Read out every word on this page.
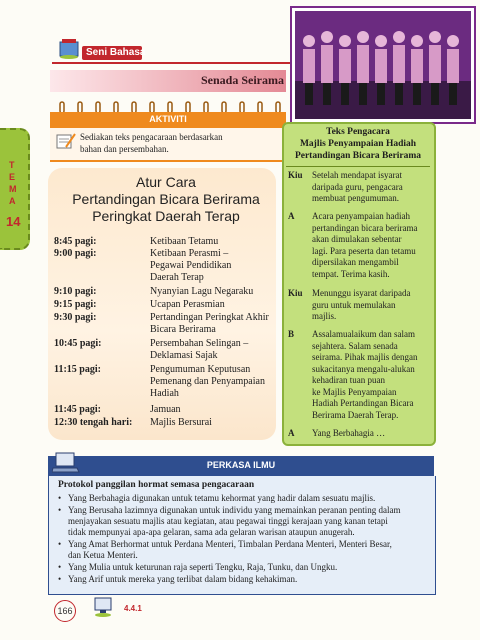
Seni Bahasa
Senada Seirama
T
E
M
A
14
AKTIVITI
Sediakan teks pengacaraan berdasarkan
bahan dan persembahan.
Atur Cara
Pertandingan Bicara Berirama
Peringkat Daerah Terap
8:45 pagi:	Ketibaan Tetamu
9:00 pagi:	Ketibaan Perasmi –
Pegawai Pendidikan
Daerah Terap
9:10 pagi:	Nyanyian Lagu Negaraku
9:15 pagi:	Ucapan Perasmian
9:30 pagi:	Pertandingan Peringkat Akhir
Bicara Berirama
10:45 pagi:	Persembahan Selingan –
Deklamasi Sajak
11:15 pagi:	Pengumuman Keputusan
Pemenang dan Penyampaian
Hadiah
11:45 pagi:	Jamuan
12:30 tengah hari: Majlis Bersurai
Teks Pengacara
Majlis Penyampaian Hadiah
Pertandingan Bicara Berirama
Kiu Setelah mendapat isyarat
daripada guru, pengacara
membuat pengumuman.
A Acara penyampaian hadiah
pertandingan bicara berirama
akan dimulakan sebentar
lagi. Para peserta dan tetamu
dipersilakan mengambil
tempat. Terima kasih.
Kiu Menunggu isyarat daripada
guru untuk memulakan
majlis.
B Assalamualaikum dan salam
sejahtera. Salam senada
seirama. Pihak majlis dengan
sukacitanya mengalu-alukan
kehadiran tuan puan
ke Majlis Penyampaian
Hadiah Pertandingan Bicara
Berirama Daerah Terap.
A Yang Berbahagia …
PERKASA ILMU
Protokol panggilan hormat semasa pengacaraan
• Yang Berbahagia digunakan untuk tetamu kehormat yang hadir dalam sesuatu majlis.
• Yang Berusaha lazimnya digunakan untuk individu yang memainkan peranan penting dalam
menjayakan sesuatu majlis atau kegiatan, atau pegawai tinggi kerajaan yang kanan tetapi
tidak mempunyai apa-apa gelaran, sama ada gelaran warisan ataupun anugerah.
• Yang Amat Berhormat untuk Perdana Menteri, Timbalan Perdana Menteri, Menteri Besar,
dan Ketua Menteri.
• Yang Mulia untuk keturunan raja seperti Tengku, Raja, Tunku, dan Ungku.
• Yang Arif untuk mereka yang terlibat dalam bidang kehakiman.
166	4.4.1
